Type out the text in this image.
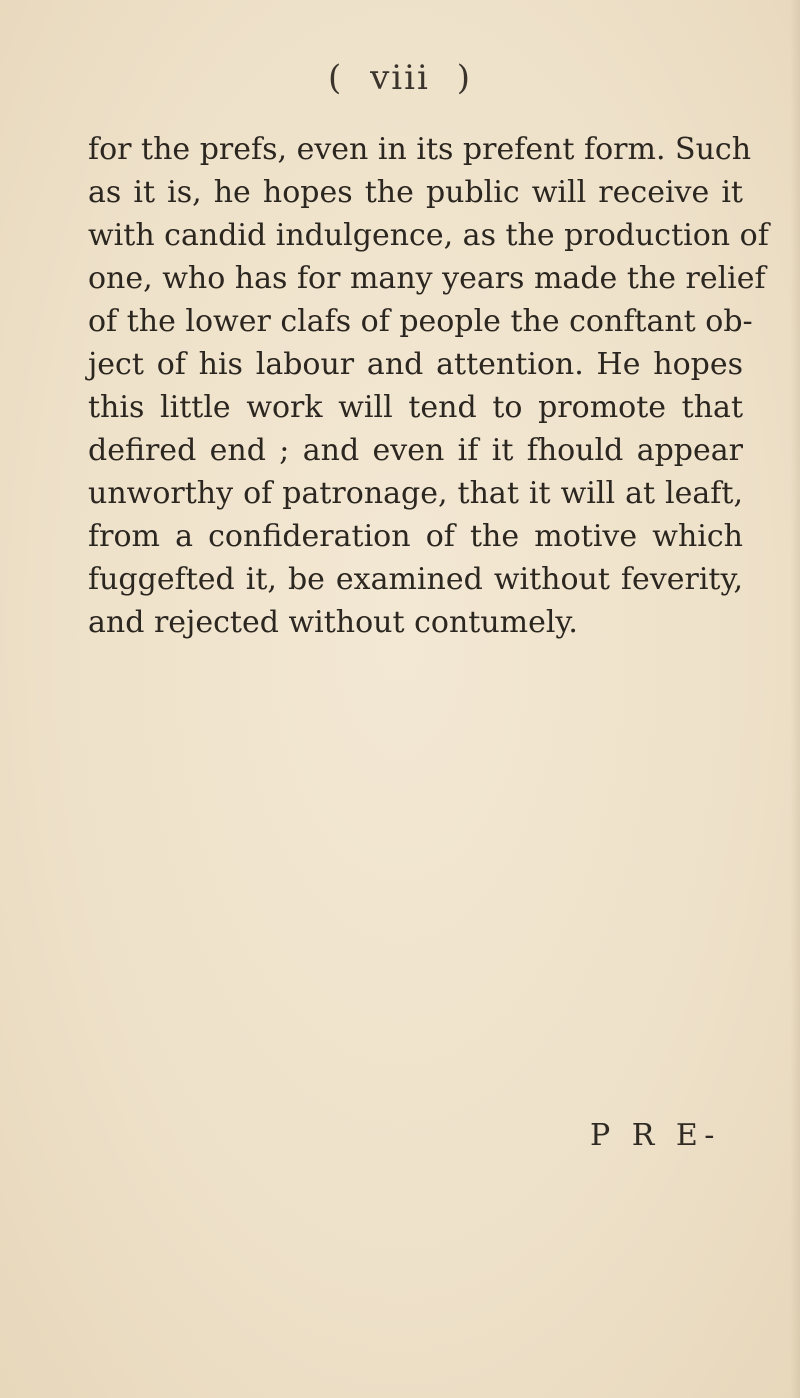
( viii )
for the prefs, even in its prefent form. Such
as it is, he hopes the public will receive it
with candid indulgence, as the production of
one, who has for many years made the relief
of the lower clafs of people the conftant ob-
ject of his labour and attention. He hopes
this little work will tend to promote that
defired end ; and even if it fhould appear
unworthy of patronage, that it will at leaft,
from a confideration of the motive which
fuggefted it, be examined without feverity,
and rejected without contumely.
P R E-
